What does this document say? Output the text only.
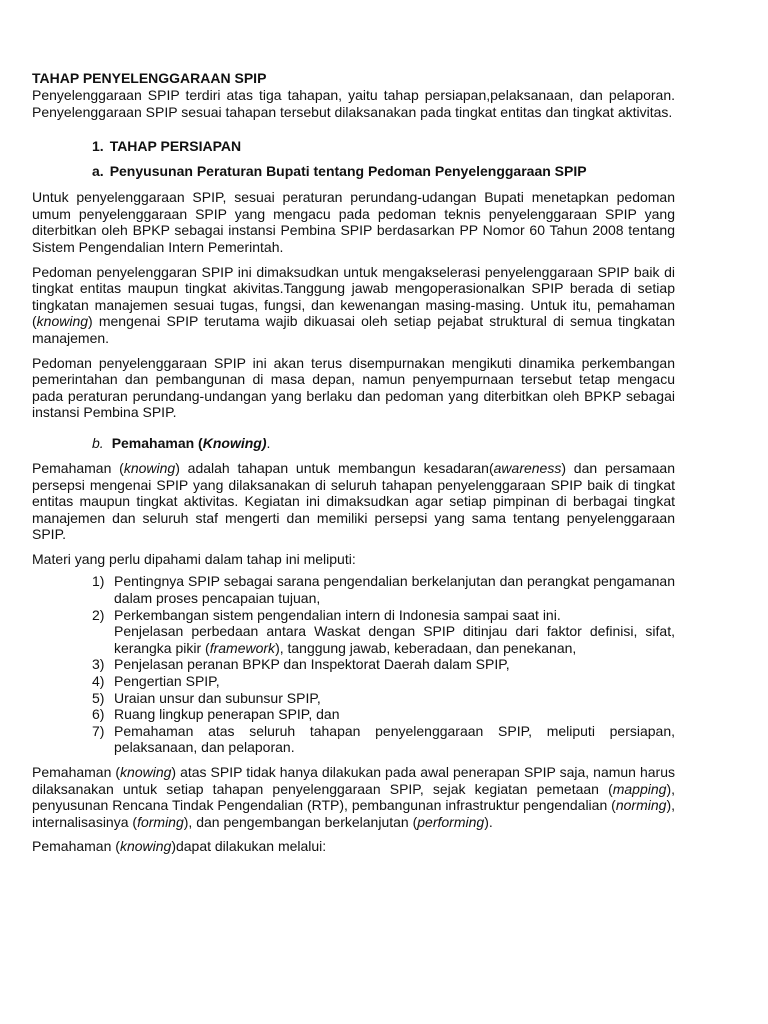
TAHAP PENYELENGGARAAN SPIP

Penyelenggaraan SPIP terdiri atas tiga tahapan, yaitu tahap persiapan,pelaksanaan, dan pelaporan. Penyelenggaraan SPIP sesuai tahapan tersebut dilaksanakan pada tingkat entitas dan tingkat aktivitas.

1. TAHAP PERSIAPAN
a. Penyusunan Peraturan Bupati tentang Pedoman Penyelenggaraan SPIP

Untuk penyelenggaraan SPIP, sesuai peraturan perundang-udangan Bupati menetapkan pedoman umum penyelenggaraan SPIP yang mengacu pada pedoman teknis penyelenggaraan SPIP yang diterbitkan oleh BPKP sebagai instansi Pembina SPIP berdasarkan PP Nomor 60 Tahun 2008 tentang Sistem Pengendalian Intern Pemerintah.

Pedoman penyelenggaran SPIP ini dimaksudkan untuk mengakselerasi penyelenggaraan SPIP baik di tingkat entitas maupun tingkat akivitas.Tanggung jawab mengoperasionalkan SPIP berada di setiap tingkatan manajemen sesuai tugas, fungsi, dan kewenangan masing-masing. Untuk itu, pemahaman (knowing) mengenai SPIP terutama wajib dikuasai oleh setiap pejabat struktural di semua tingkatan manajemen.

Pedoman penyelenggaraan SPIP ini akan terus disempurnakan mengikuti dinamika perkembangan pemerintahan dan pembangunan di masa depan, namun penyempurnaan tersebut tetap mengacu pada peraturan perundang-undangan yang berlaku dan pedoman yang diterbitkan oleh BPKP sebagai instansi Pembina SPIP.

b. Pemahaman (Knowing).

Pemahaman (knowing) adalah tahapan untuk membangun kesadaran(awareness) dan persamaan persepsi mengenai SPIP yang dilaksanakan di seluruh tahapan penyelenggaraan SPIP baik di tingkat entitas maupun tingkat aktivitas. Kegiatan ini dimaksudkan agar setiap pimpinan di berbagai tingkat manajemen dan seluruh staf mengerti dan memiliki persepsi yang sama tentang penyelenggaraan SPIP.

Materi yang perlu dipahami dalam tahap ini meliputi:

1) Pentingnya SPIP sebagai sarana pengendalian berkelanjutan dan perangkat pengamanan dalam proses pencapaian tujuan,
2) Perkembangan sistem pengendalian intern di Indonesia sampai saat ini.
Penjelasan perbedaan antara Waskat dengan SPIP ditinjau dari faktor definisi, sifat, kerangka pikir (framework), tanggung jawab, keberadaan, dan penekanan,
3) Penjelasan peranan BPKP dan Inspektorat Daerah dalam SPIP,
4) Pengertian SPIP,
5) Uraian unsur dan subunsur SPIP,
6) Ruang lingkup penerapan SPIP, dan
7) Pemahaman atas seluruh tahapan penyelenggaraan SPIP, meliputi persiapan, pelaksanaan, dan pelaporan.

Pemahaman (knowing) atas SPIP tidak hanya dilakukan pada awal penerapan SPIP saja, namun harus dilaksanakan untuk setiap tahapan penyelenggaraan SPIP, sejak kegiatan pemetaan (mapping), penyusunan Rencana Tindak Pengendalian (RTP), pembangunan infrastruktur pengendalian (norming), internalisasinya (forming), dan pengembangan berkelanjutan (performing).

Pemahaman (knowing)dapat dilakukan melalui:
